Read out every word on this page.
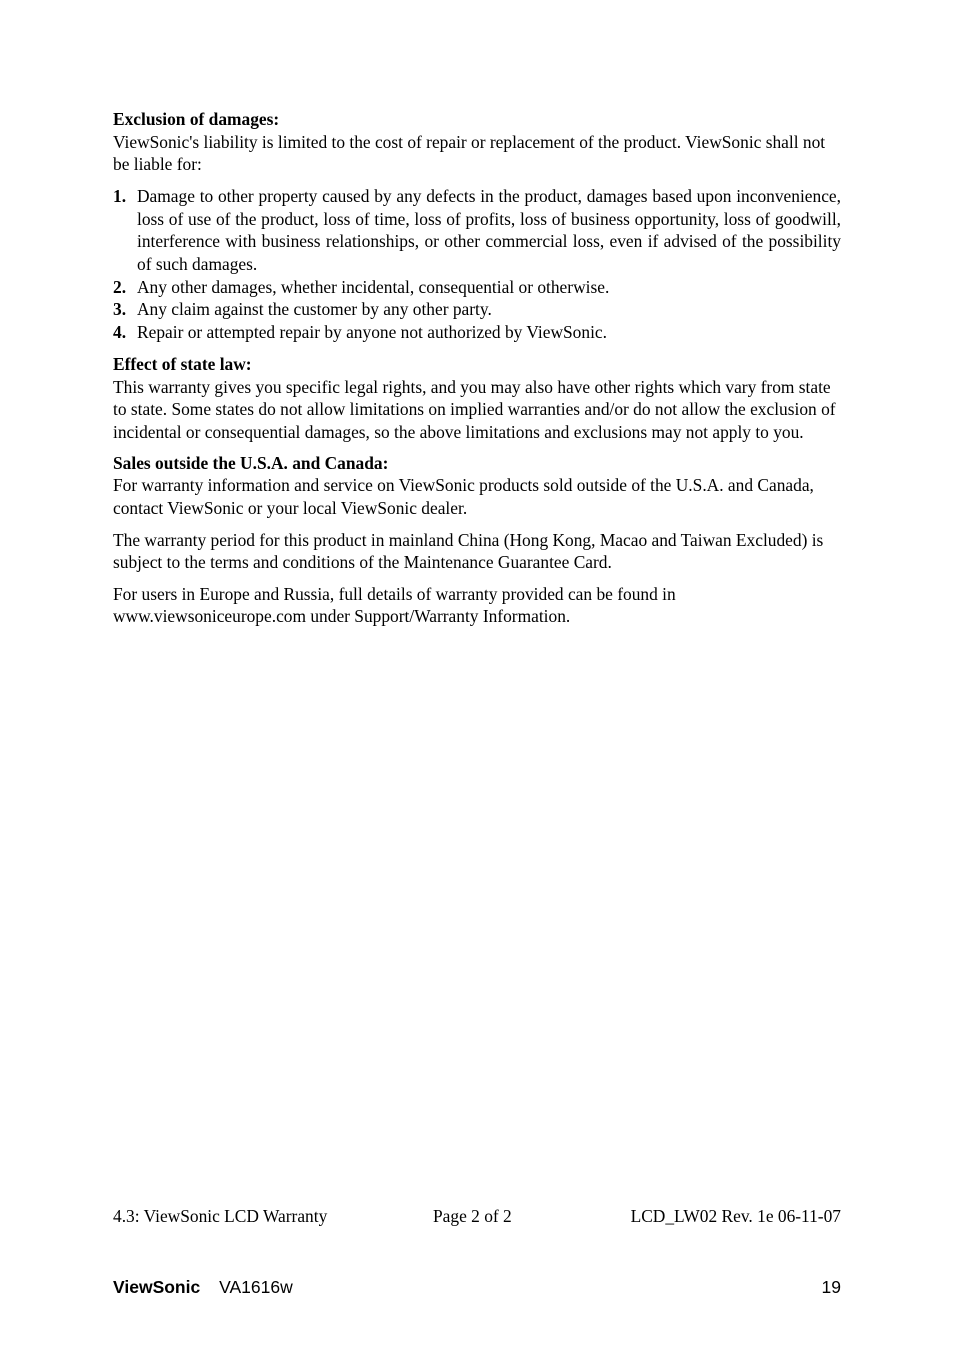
Exclusion of damages:

ViewSonic's liability is limited to the cost of repair or replacement of the product. ViewSonic shall not be liable for:

1. Damage to other property caused by any defects in the product, damages based upon inconvenience, loss of use of the product, loss of time, loss of profits, loss of business opportunity, loss of goodwill, interference with business relationships, or other commercial loss, even if advised of the possibility of such damages.
2. Any other damages, whether incidental, consequential or otherwise.
3. Any claim against the customer by any other party.
4. Repair or attempted repair by anyone not authorized by ViewSonic.

Effect of state law:

This warranty gives you specific legal rights, and you may also have other rights which vary from state to state. Some states do not allow limitations on implied warranties and/or do not allow the exclusion of incidental or consequential damages, so the above limitations and exclusions may not apply to you.

Sales outside the U.S.A. and Canada:

For warranty information and service on ViewSonic products sold outside of the U.S.A. and Canada, contact ViewSonic or your local ViewSonic dealer.

The warranty period for this product in mainland China (Hong Kong, Macao and Taiwan Excluded) is subject to the terms and conditions of the Maintenance Guarantee Card.

For users in Europe and Russia, full details of warranty provided can be found in www.viewsoniceurope.com under Support/Warranty Information.

4.3: ViewSonic LCD Warranty	Page 2 of 2	LCD_LW02 Rev. 1e 06-11-07
ViewSonic VA1616w	19
